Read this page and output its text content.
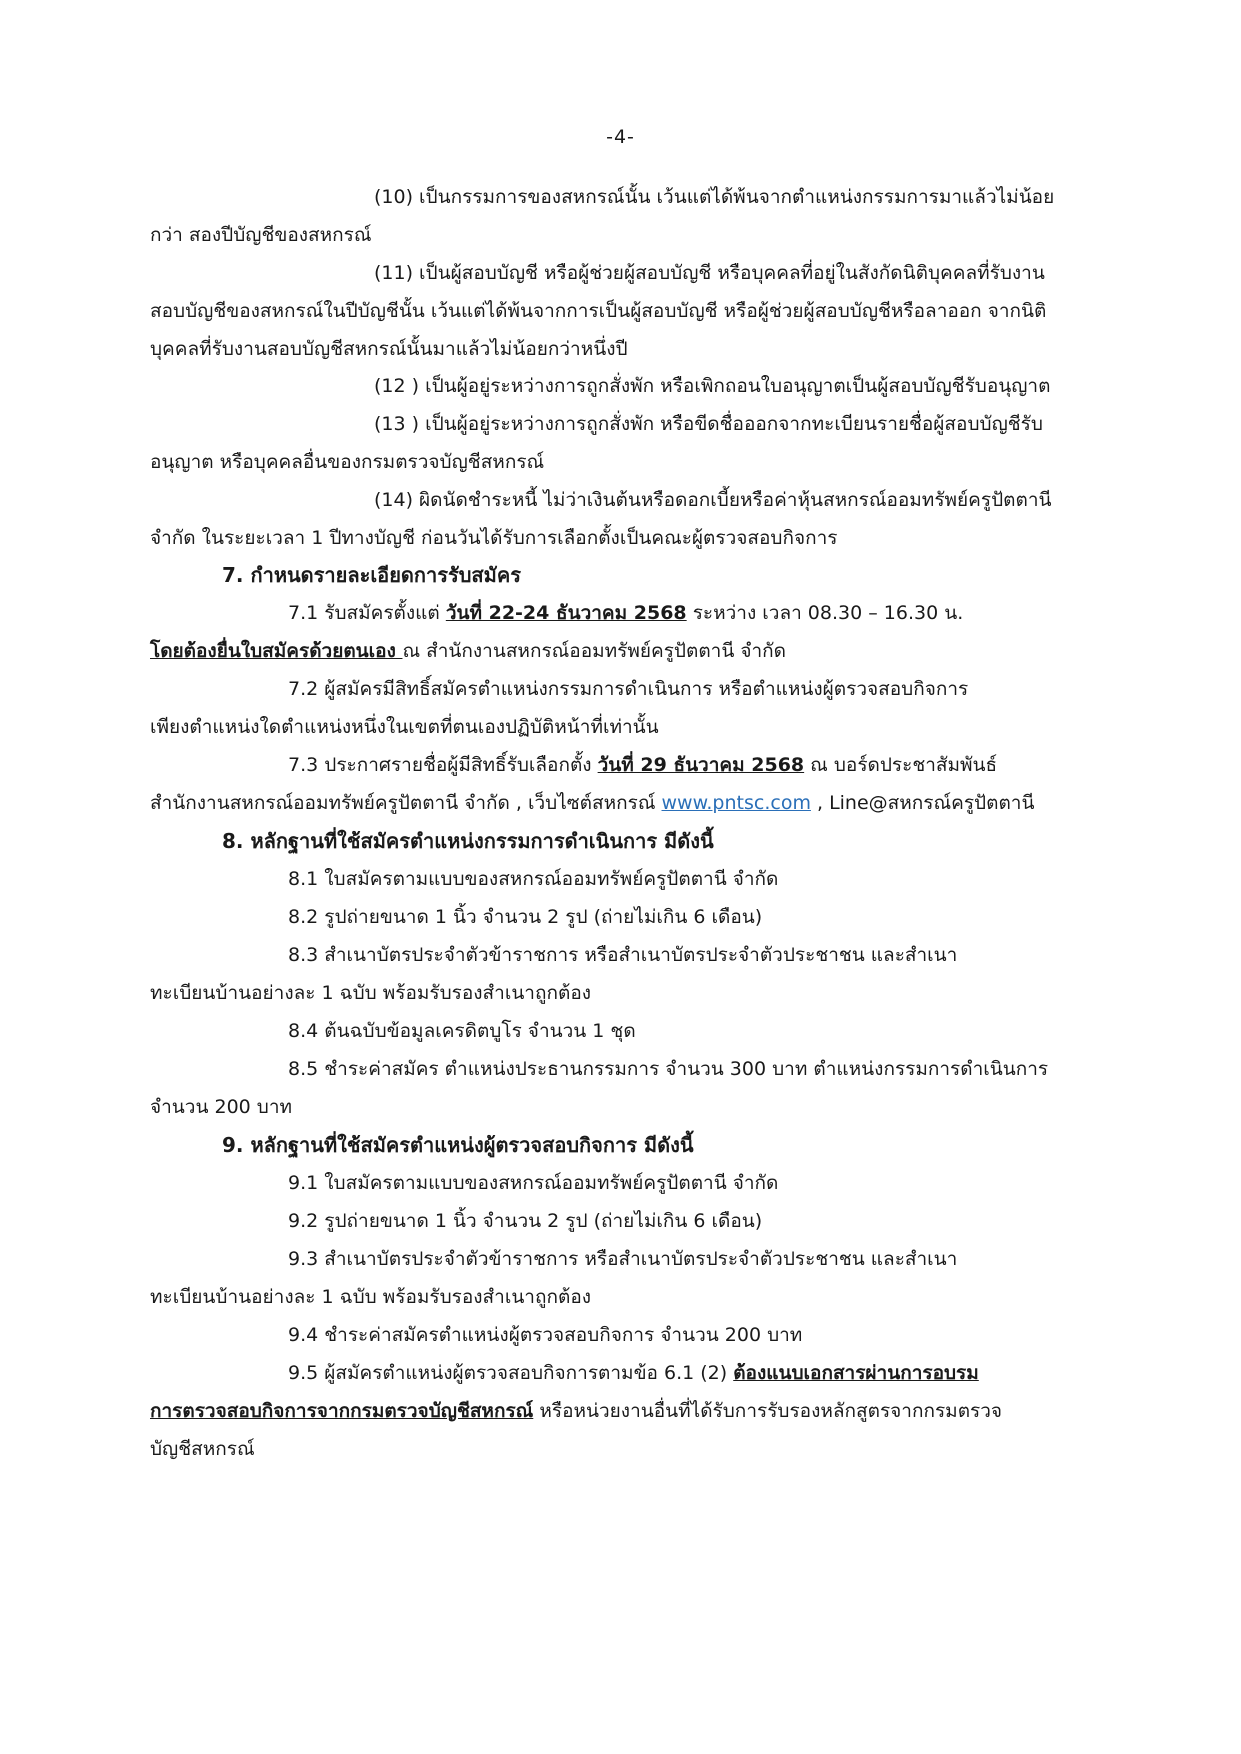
-4-
(10) เป็นกรรมการของสหกรณ์นั้น เว้นแต่ได้พ้นจากตำแหน่งกรรมการมาแล้วไม่น้อย
กว่า สองปีบัญชีของสหกรณ์
(11) เป็นผู้สอบบัญชี หรือผู้ช่วยผู้สอบบัญชี หรือบุคคลที่อยู่ในสังกัดนิติบุคคลที่รับงาน
สอบบัญชีของสหกรณ์ในปีบัญชีนั้น เว้นแต่ได้พ้นจากการเป็นผู้สอบบัญชี หรือผู้ช่วยผู้สอบบัญชีหรือลาออก จากนิติ
บุคคลที่รับงานสอบบัญชีสหกรณ์นั้นมาแล้วไม่น้อยกว่าหนึ่งปี
(12 ) เป็นผู้อยู่ระหว่างการถูกสั่งพัก หรือเพิกถอนใบอนุญาตเป็นผู้สอบบัญชีรับอนุญาต
(13 ) เป็นผู้อยู่ระหว่างการถูกสั่งพัก หรือขีดชื่อออกจากทะเบียนรายชื่อผู้สอบบัญชีรับ
อนุญาต หรือบุคคลอื่นของกรมตรวจบัญชีสหกรณ์
(14) ผิดนัดชำระหนี้ ไม่ว่าเงินต้นหรือดอกเบี้ยหรือค่าหุ้นสหกรณ์ออมทรัพย์ครูปัตตานี
จำกัด ในระยะเวลา 1 ปีทางบัญชี ก่อนวันได้รับการเลือกตั้งเป็นคณะผู้ตรวจสอบกิจการ
7. กำหนดรายละเอียดการรับสมัคร
7.1 รับสมัครตั้งแต่ วันที่ 22-24 ธันวาคม 2568 ระหว่าง เวลา 08.30 – 16.30 น.
โดยต้องยื่นใบสมัครด้วยตนเอง ณ สำนักงานสหกรณ์ออมทรัพย์ครูปัตตานี จำกัด
7.2 ผู้สมัครมีสิทธิ์สมัครตำแหน่งกรรมการดำเนินการ หรือตำแหน่งผู้ตรวจสอบกิจการ
เพียงตำแหน่งใดตำแหน่งหนึ่งในเขตที่ตนเองปฏิบัติหน้าที่เท่านั้น
7.3 ประกาศรายชื่อผู้มีสิทธิ์รับเลือกตั้ง วันที่ 29 ธันวาคม 2568 ณ บอร์ดประชาสัมพันธ์
สำนักงานสหกรณ์ออมทรัพย์ครูปัตตานี จำกัด , เว็บไซต์สหกรณ์ www.pntsc.com , Line@สหกรณ์ครูปัตตานี
8. หลักฐานที่ใช้สมัครตำแหน่งกรรมการดำเนินการ มีดังนี้
8.1 ใบสมัครตามแบบของสหกรณ์ออมทรัพย์ครูปัตตานี จำกัด
8.2 รูปถ่ายขนาด 1 นิ้ว จำนวน 2 รูป (ถ่ายไม่เกิน 6 เดือน)
8.3 สำเนาบัตรประจำตัวข้าราชการ หรือสำเนาบัตรประจำตัวประชาชน และสำเนา
ทะเบียนบ้านอย่างละ 1 ฉบับ พร้อมรับรองสำเนาถูกต้อง
8.4 ต้นฉบับข้อมูลเครดิตบูโร จำนวน 1 ชุด
8.5 ชำระค่าสมัคร ตำแหน่งประธานกรรมการ จำนวน 300 บาท ตำแหน่งกรรมการดำเนินการ
จำนวน 200 บาท
9. หลักฐานที่ใช้สมัครตำแหน่งผู้ตรวจสอบกิจการ มีดังนี้
9.1 ใบสมัครตามแบบของสหกรณ์ออมทรัพย์ครูปัตตานี จำกัด
9.2 รูปถ่ายขนาด 1 นิ้ว จำนวน 2 รูป (ถ่ายไม่เกิน 6 เดือน)
9.3 สำเนาบัตรประจำตัวข้าราชการ หรือสำเนาบัตรประจำตัวประชาชน และสำเนา
ทะเบียนบ้านอย่างละ 1 ฉบับ พร้อมรับรองสำเนาถูกต้อง
9.4 ชำระค่าสมัครตำแหน่งผู้ตรวจสอบกิจการ จำนวน 200 บาท
9.5 ผู้สมัครตำแหน่งผู้ตรวจสอบกิจการตามข้อ 6.1 (2) ต้องแนบเอกสารผ่านการอบรม
การตรวจสอบกิจการจากกรมตรวจบัญชีสหกรณ์ หรือหน่วยงานอื่นที่ได้รับการรับรองหลักสูตรจากกรมตรวจ
บัญชีสหกรณ์
